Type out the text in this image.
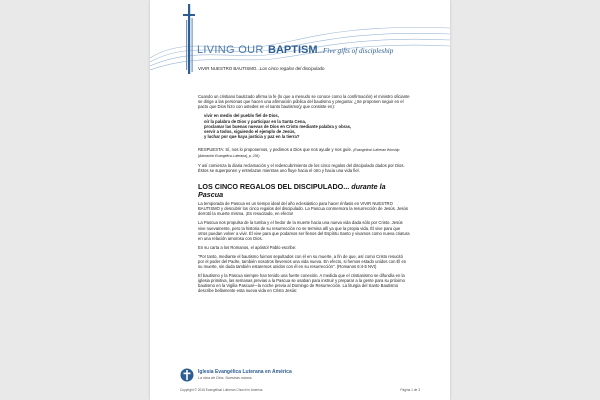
LIVING OUR BAPTISM...Five gifts of discipleship
VIVIR NUESTRO BAUTISMO...Los cinco regalos del discipulado

Cuando un cristiano bautizado afirma la fe (lo que a menudo se conoce como la confirmación) el ministro oficiante se dirige a las personas que hacen una afirmación pública del bautismo y pregunta: ¿Se proponen seguir en el pacto que Dios hizo con ustedes en el santo bautismo(y que consiste en):

vivir en medio del pueblo fiel de Dios,
oír la palabra de Dios y participar en la Santa Cena,
proclamar las buenas nuevas de Dios en Cristo mediante palabra y obras,
servir a todos, siguiendo el ejemplo de Jesús,
y luchar por que haya justicia y paz en la tierra?

RESPUESTA: Sí, nos lo proponemos, y pedimos a Dios que nos ayude y nos guíe. (Evangelical Lutheran Worship [Adoración Evangélica Luterana], p. 236)

Y así comienza la diaria reclamación y el redescubrimiento de los cinco regalos del discipulado dados por Dios. Éstos se superponen y entrelazan mientras uno fluye hacia el otro y hacia una vida fiel.

LOS CINCO REGALOS DEL DISCIPULADO... durante la Pascua

La temporada de Pascua es un tiempo ideal del año eclesiástico para hacer énfasis en VIVIR NUESTRO BAUTISMO y descubrir los cinco regalos del discipulado. La Pascua conmemora la resurrección de Jesús. Jesús derrotó la muerte misma. ¡Es resucitado, en efecto!

La Pascua nos propulsa de la tumba y el hedor de la muerte hacia una nueva vida dada sólo por Cristo. Jesús vive nuevamente, pero la historia de su resurrección no se termina allí ya que la propia vida. Él vive para que otros puedan volver a vivir. Él vive para que podamos ser llenos del Espíritu Santo y vivamos como nueva criatura en una relación amorosa con Dios.

En su carta a los Romanos, el apóstol Pablo escribe:

"Por tanto, mediante el bautismo fuimos sepultados con él en su muerte, a fin de que, así como Cristo resucitó por el poder del Padre, también nosotros llevemos una vida nueva. En efecto, si hemos estado unidos con Él en su muerte, sin duda también estaremos unidos con él en su resurrección". (Romanos 6:4-5 NVI)

El bautismo y la Pascua siempre han tenido una fuerte conexión. A medida que el cristianismo se difundía en la iglesia primitiva, las semanas previas a la Pascua se usaban para instruir y preparar a la gente para su próximo bautismo en la Vigilia Pascual—la noche previa al Domingo de Resurrección. La liturgia del Santo Bautismo describe bellamente esta nueva vida en Cristo Jesús:

Iglesia Evangélica Luterana en América
La obra de Dios. Nuestras manos.
Copyright © 2016 Evangelical Lutheran Church in America	Página 1 de 3
